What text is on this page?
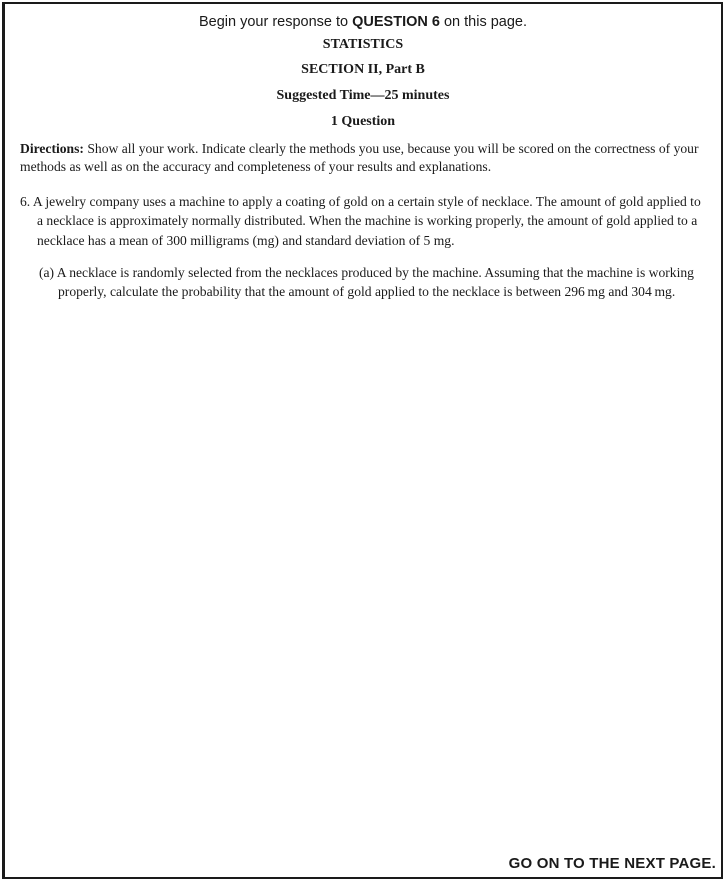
Begin your response to QUESTION 6 on this page.
STATISTICS
SECTION II, Part B
Suggested Time—25 minutes
1 Question
Directions: Show all your work. Indicate clearly the methods you use, because you will be scored on the correctness of your methods as well as on the accuracy and completeness of your results and explanations.
6. A jewelry company uses a machine to apply a coating of gold on a certain style of necklace. The amount of gold applied to a necklace is approximately normally distributed. When the machine is working properly, the amount of gold applied to a necklace has a mean of 300 milligrams (mg) and standard deviation of 5 mg.
(a) A necklace is randomly selected from the necklaces produced by the machine. Assuming that the machine is working properly, calculate the probability that the amount of gold applied to the necklace is between 296 mg and 304 mg.
GO ON TO THE NEXT PAGE.
